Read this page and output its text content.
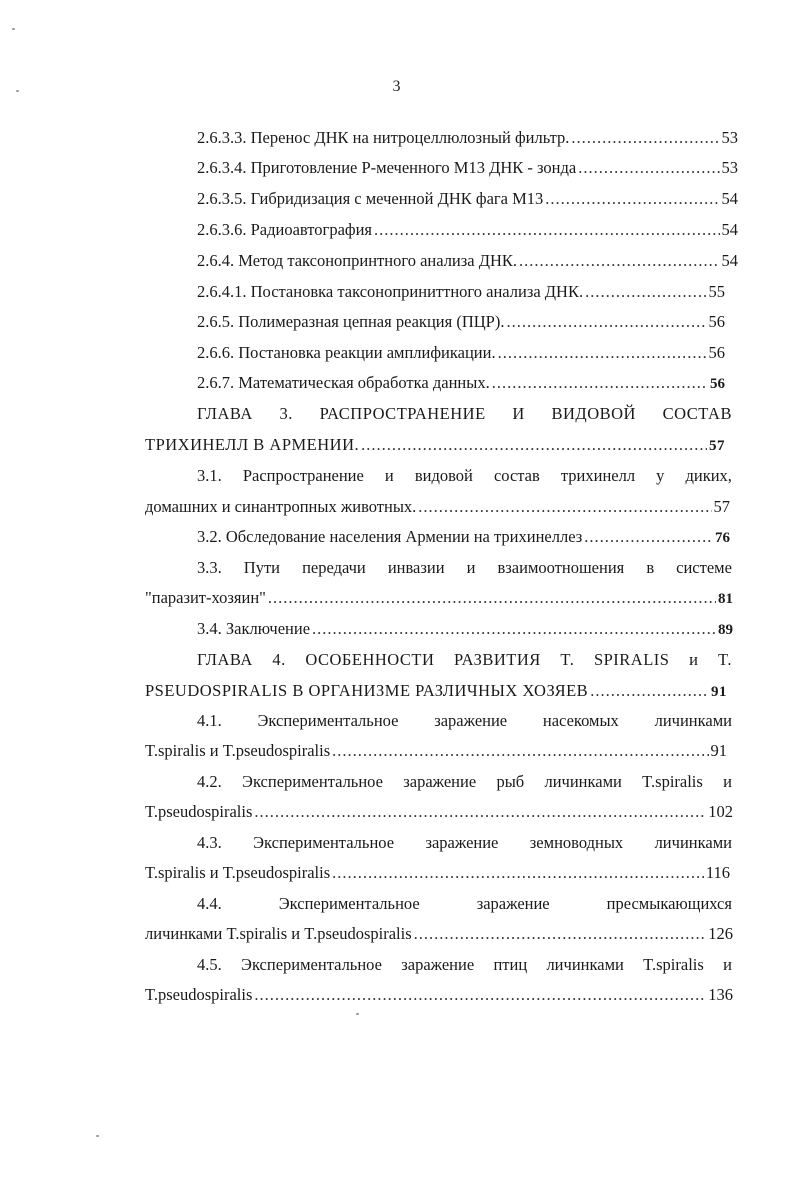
3
2.6.3.3. Перенос ДНК на нитроцеллюлозный фильтр. .....	53
2.6.3.4. Приготовление Р-меченного М13 ДНК - зонда .....	53
2.6.3.5. Гибридизация с меченной ДНК фага М13 .....	54
2.6.3.6. Радиоавтография .....	54
2.6.4. Метод таксонопринтного анализа ДНК. .....	54
2.6.4.1. Постановка таксоноприниттного анализа ДНК. .....	55
2.6.5. Полимеразная цепная реакция (ПЦР). .....	56
2.6.6. Постановка реакции амплификации. .....	56
2.6.7. Математическая обработка данных. .....	56
ГЛАВА 3. РАСПРОСТРАНЕНИЕ И ВИДОВОЙ СОСТАВ
ТРИХИНЕЛЛ В АРМЕНИИ. .....	57
3.1. Распространение и видовой состав трихинелл у диких,
домашних и синантропных животных. .....	57
3.2. Обследование населения Армении на трихинеллез .....	76
3.3. Пути передачи инвазии и взаимоотношения в системе
"паразит-хозяин" .....	81
3.4. Заключение .....	89
ГЛАВА 4. ОСОБЕННОСТИ РАЗВИТИЯ T. SPIRALIS и T.
PSEUDOSPIRALIS В ОРГАНИЗМЕ РАЗЛИЧНЫХ ХОЗЯЕВ .....	91
4.1. Экспериментальное заражение насекомых личинками
T.spiralis и T.pseudospiralis .....	91
4.2. Экспериментальное заражение рыб личинками T.spiralis и
T.pseudospiralis .....	102
4.3. Экспериментальное заражение земноводных личинками
T.spiralis и T.pseudospiralis .....	116
4.4.	Экспериментальное	заражение	пресмыкающихся
личинками T.spiralis и T.pseudospiralis .....	126
4.5. Экспериментальное заражение птиц личинками T.spiralis и
T.pseudospiralis .....	136
